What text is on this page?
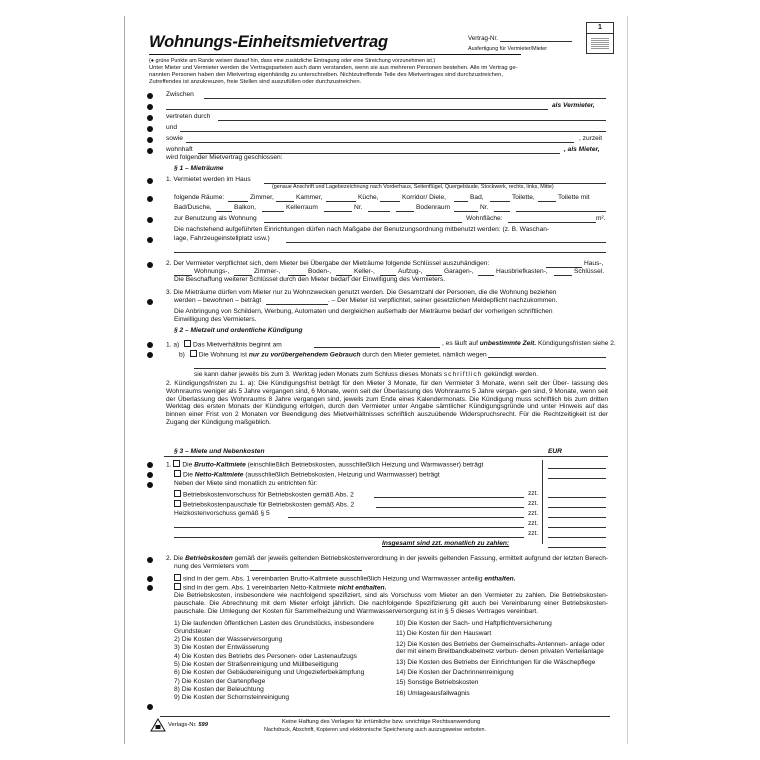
Wohnungs-Einheitsmietvertrag	Vertrag-Nr.
Ausfertigung für Vermieter/Mieter
1
(● grüne Punkte am Rande weisen darauf hin, dass eine zusätzliche Eintragung oder eine Streichung vorzunehmen ist.)
Unter Mieter und Vermieter werden die Vertragsparteien auch dann verstanden, wenn sie aus mehreren Personen bestehen. Alle im Vertrag ge-
nannten Personen haben den Mietvertrag eigenhändig zu unterschreiben. Nichtzutreffende Teile des Mietvertrages sind durchzustreichen,
Zutreffendes ist anzukreuzen, freie Stellen sind auszufüllen oder durchzustreichen.
Zwischen
als Vermieter,
vertreten durch
und
sowie	, zurzeit
wohnhaft	, als Mieter,
wird folgender Mietvertrag geschlossen:
§ 1 – Mieträume
1. Vermietet werden im Haus
(genaue Anschrift und Lagebezeichnung nach Vorderhaus, Seitenflügel, Quergebäude, Stockwerk, rechts, links, Mitte)
folgende Räume:	Zimmer,	Kammer,	Küche,	Korridor/ Diele,	Bad,	Toilette,	Toilette mit
Bad/Dusche,	Balkon,	Kellerraum	Nr.	Bodenraum	Nr.
zur Benutzung als Wohnung	Wohnfläche:	m².
Die nachstehend aufgeführten Einrichtungen dürfen nach Maßgabe der Benutzungsordnung mitbenutzt werden: (z. B. Waschan-
lage, Fahrzeugeinstellplatz usw.)
2. Der Vermieter verpflichtet sich, dem Mieter bei Übergabe der Mieträume folgende Schlüssel auszuhändigen:	Haus-,
Wohnungs-,	Zimmer-,	Boden-,	Keller-,	Aufzug-,	Garagen-,	Hausbriefkasten-,	Schlüssel.
Die Beschaffung weiterer Schlüssel durch den Mieter bedarf der Einwilligung des Vermieters.
3. Die Mieträume dürfen vom Mieter nur zu Wohnzwecken genutzt werden. Die Gesamtzahl der Personen, die die Wohnung beziehen
werden – bewohnen – beträgt	. – Der Mieter ist verpflichtet, seiner gesetzlichen Meldepflicht nachzukommen.
Die Anbringung von Schildern, Werbung, Automaten und dergleichen außerhalb der Mieträume bedarf der vorherigen schriftlichen
Einwilligung des Vermieters.
§ 2 – Mietzeit und ordentliche Kündigung
1. a) Das Mietverhältnis beginnt am	, es läuft auf unbestimmte Zeit. Kündigungsfristen siehe 2.
b) Die Wohnung ist nur zu vorübergehendem Gebrauch durch den Mieter gemietet, nämlich wegen
sie kann daher jeweils bis zum 3. Werktag jeden Monats zum Schluss dieses Monats schriftlich gekündigt werden.
2. Kündigungsfristen zu 1. a): Die Kündigungsfrist beträgt für den Mieter 3 Monate, für den Vermieter 3 Monate, wenn seit der Über- lassung des Wohnraums weniger als 5 Jahre vergangen sind, 6 Monate, wenn seit der Überlassung des Wohnraums 5 Jahre vergan- gen sind, 9 Monate, wenn seit der Überlassung des Wohnraums 8 Jahre vergangen sind, jeweils zum Ende eines Kalendermonats. Die Kündigung muss schriftlich bis zum dritten Werktag des ersten Monats der Kündigung erfolgen, durch den Vermieter unter Angabe sämtlicher Kündigungsgründe und unter Hinweis auf das binnen einer Frist von 2 Monaten vor Beendigung des Mietverhältnisses schriftlich auszuübende Widerspruchsrecht. Für die Rechtzeitigkeit ist der Zugang der Kündigung maßgeblich.
§ 3 – Miete und Nebenkosten	EUR
1. Die Brutto-Kaltmiete (einschließlich Betriebskosten, ausschließlich Heizung und Warmwasser) beträgt
Die Netto-Kaltmiete (ausschließlich Betriebskosten, Heizung und Warmwasser) beträgt
Neben der Miete sind monatlich zu entrichten für:
Betriebskostenvorschuss für Betriebskosten gemäß Abs. 2	zzt.
Betriebskostenpauschale für Betriebskosten gemäß Abs. 2	zzt.
Heizkostenvorschuss gemäß § 5	zzt.
zzt.
zzt.
Insgesamt sind zzt. monatlich zu zahlen:
2. Die Betriebskosten gemäß der jeweils geltenden Betriebskostenverordnung in der jeweils geltenden Fassung, ermittelt aufgrund der letzten Berech-
nung des Vermieters vom
sind in der gem. Abs. 1 vereinbarten Brutto-Kaltmiete ausschließlich Heizung und Warmwasser anteilig enthalten.
sind in der gem. Abs. 1 vereinbarten Netto-Kaltmiete nicht enthalten.
Die Betriebskosten, insbesondere wie nachfolgend spezifiziert, sind als Vorschuss vom Mieter an den Vermieter zu zahlen. Die Betriebskosten- pauschale. Die Abrechnung mit dem Mieter erfolgt jährlich. Die nachfolgende Spezifizierung gilt auch bei Vereinbarung einer Betriebskosten- pauschale. Die Umlegung der Kosten für Sammelheizung und Warmwasserversorgung ist in § 5 dieses Vertrages vereinbart.
1) Die laufenden öffentlichen Lasten des Grundstücks, insbesondere Grundsteuer
2) Die Kosten der Wasserversorgung
3) Die Kosten der Entwässerung
4) Die Kosten des Betriebs des Personen- oder Lastenaufzugs
5) Die Kosten der Straßenreinigung und Müllbeseitigung
6) Die Kosten der Gebäudereinigung und Ungezieferbekämpfung
7) Die Kosten der Gartenpflege
8) Die Kosten der Beleuchtung
9) Die Kosten der Schornsteinreinigung
10) Die Kosten der Sach- und Haftpflichtversicherung
11) Die Kosten für den Hauswart
12) Die Kosten des Betriebs der Gemeinschafts-Antennen- anlage oder der mit einem Breitbandkabelnetz verbun- denen privaten Verteilanlage
13) Die Kosten des Betriebs der Einrichtungen für die Wäschepflege
14) Die Kosten der Dachrinnenreinigung
15) Sonstige Betriebskosten
16) Umlageausfallwagnis
Verlags-Nr. 599	Keine Haftung des Verlages für irrtümliche bzw. unrichtige Rechtsanwendung
Nachdruck, Abschrift, Kopieren und elektronische Speicherung auch auszugsweise verboten.
